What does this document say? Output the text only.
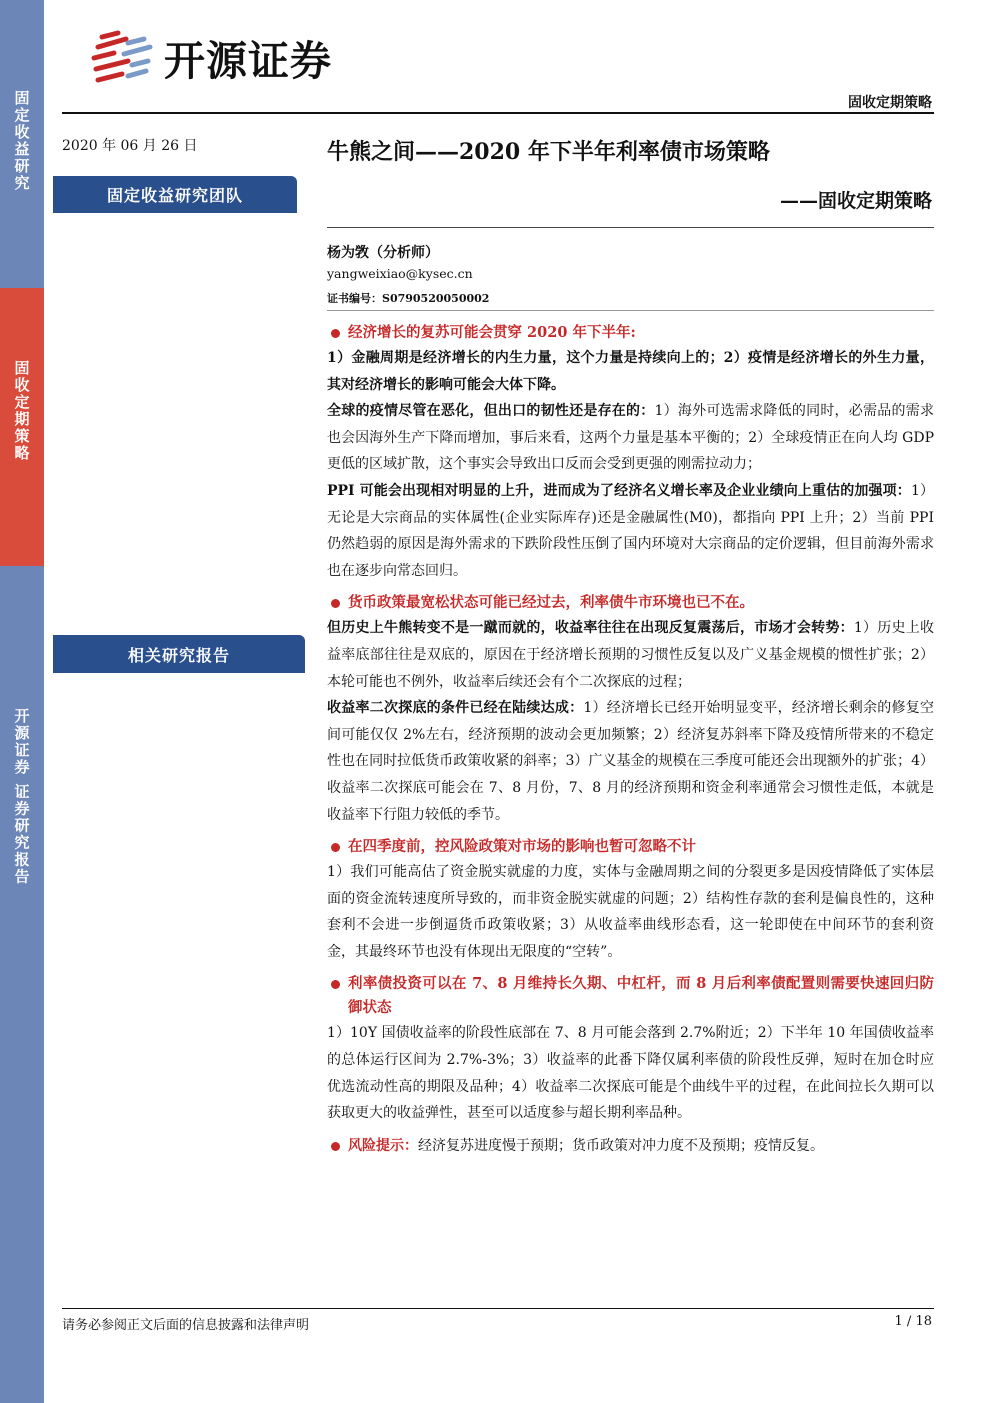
固定收益研究
固收定期策略
开源证券 证券研究报告
开源证券
固收定期策略
2020 年 06 月 26 日
固定收益研究团队
相关研究报告
牛熊之间——2020 年下半年利率债市场策略
——固收定期策略
杨为敩（分析师）
yangweixiao@kysec.cn
证书编号：S0790520050002
经济增长的复苏可能会贯穿 2020 年下半年:

1）金融周期是经济增长的内生力量，这个力量是持续向上的；2）疫情是经济增长的外生力量，其对经济增长的影响可能会大体下降。

全球的疫情尽管在恶化，但出口的韧性还是存在的：1）海外可选需求降低的同时，必需品的需求也会因海外生产下降而增加，事后来看，这两个力量是基本平衡的；2）全球疫情正在向人均 GDP 更低的区域扩散，这个事实会导致出口反而会受到更强的刚需拉动力；

PPI 可能会出现相对明显的上升，进而成为了经济名义增长率及企业业绩向上重估的加强项：1）无论是大宗商品的实体属性(企业实际库存)还是金融属性(M0)，都指向 PPI 上升；2）当前 PPI 仍然趋弱的原因是海外需求的下跌阶段性压倒了国内环境对大宗商品的定价逻辑，但目前海外需求也在逐步向常态回归。

货币政策最宽松状态可能已经过去，利率债牛市环境也已不在。

但历史上牛熊转变不是一蹴而就的，收益率往往在出现反复震荡后，市场才会转势：1）历史上收益率底部往往是双底的，原因在于经济增长预期的习惯性反复以及广义基金规模的惯性扩张；2）本轮可能也不例外，收益率后续还会有个二次探底的过程；

收益率二次探底的条件已经在陆续达成：1）经济增长已经开始明显变平，经济增长剩余的修复空间可能仅仅 2%左右，经济预期的波动会更加频繁；2）经济复苏斜率下降及疫情所带来的不稳定性也在同时拉低货币政策收紧的斜率；3）广义基金的规模在三季度可能还会出现额外的扩张；4）收益率二次探底可能会在 7、8 月份，7、8 月的经济预期和资金利率通常会习惯性走低，本就是收益率下行阻力较低的季节。

在四季度前，控风险政策对市场的影响也暂可忽略不计

1）我们可能高估了资金脱实就虚的力度，实体与金融周期之间的分裂更多是因疫情降低了实体层面的资金流转速度所导致的，而非资金脱实就虚的问题；2）结构性存款的套利是偏良性的，这种套利不会进一步倒逼货币政策收紧；3）从收益率曲线形态看，这一轮即使在中间环节的套利资金，其最终环节也没有体现出无限度的“空转”。

利率债投资可以在 7、8 月维持长久期、中杠杆，而 8 月后利率债配置则需要快速回归防御状态

1）10Y 国债收益率的阶段性底部在 7、8 月可能会落到 2.7%附近；2）下半年 10 年国债收益率的总体运行区间为 2.7%-3%；3）收益率的此番下降仅属利率债的阶段性反弹，短时在加仓时应优选流动性高的期限及品种；4）收益率二次探底可能是个曲线牛平的过程，在此间拉长久期可以获取更大的收益弹性，甚至可以适度参与超长期利率品种。

风险提示： 经济复苏进度慢于预期；货币政策对冲力度不及预期；疫情反复。
请务必参阅正文后面的信息披露和法律声明	1 / 18
